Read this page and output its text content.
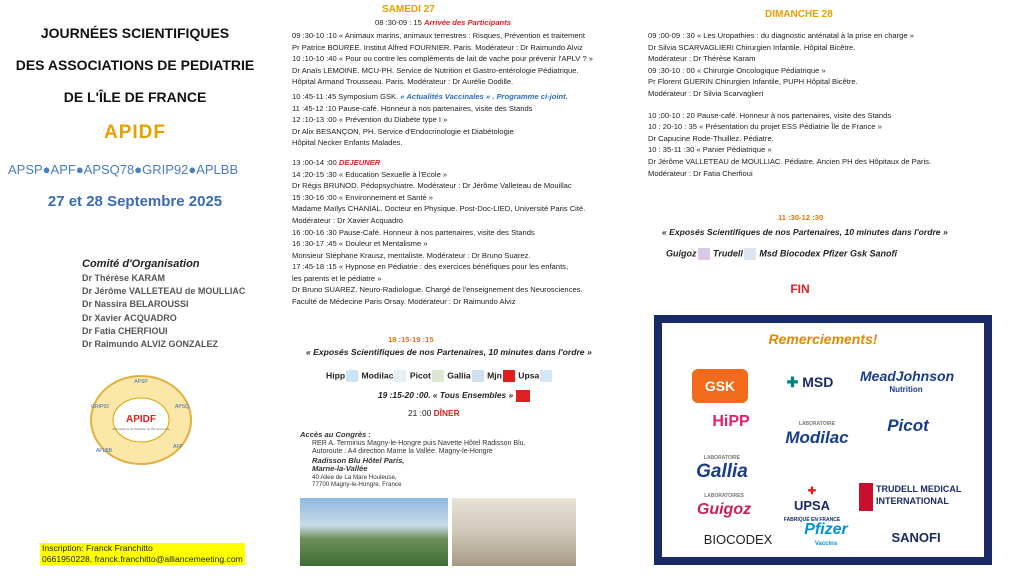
JOURNÉES SCIENTIFIQUES
DES ASSOCIATIONS DE PEDIATRIE
DE L'ÎLE DE FRANCE
APIDF
APSP●APF●APSQ78●GRIP92●APLBB
27 et 28 Septembre 2025
Comité d'Organisation
Dr Thérèse KARAM
Dr Jérôme VALLETEAU de MOULLIAC
Dr Nassira BELAROUSSI
Dr Xavier ACQUADRO
Dr Fatia CHERFIOUI
Dr Raimundo ALVIZ GONZALEZ
APIDF
Associations de Pédiatrie de l'Île de France
APSP
APSQ
AFP
APLBB
GRIP92
Inscription: Franck Franchitto
0661950228, franck.franchitto@alliancemeeting.com
SAMEDI 27
08 :30-09 : 15 Arrivée des Participants
09 :30-10 :10 « Animaux marins, animaux terrestres : Risques, Prévention et traitement
Pr Patrice BOUREE. Institut Alfred FOURNIER. Paris. Modérateur : Dr Raimundo Alviz
10 :10-10 :40 « Pour ou contre les compléments de lait de vache pour prévenir l'APLV ? »
Dr Anaïs LEMOINE. MCU-PH. Service de Nutrition et Gastro-entérologie Pédiatrique.
Hôpital Armand Trousseau. Paris. Modérateur : Dr Aurélie Dodille.
10 :45-11 :45 Symposium GSK. « Actualités Vaccinales » . Programme ci-joint.
11 :45-12 :10 Pause-café. Honneur à nos partenaires, visite des Stands
12 :10-13 :00 « Prévention du Diabète type I »
Dr Alix BESANÇON, PH. Service d'Endocrinologie et Diabétologie
Hôpital Necker Enfants Malades.
13 :00-14 :00 DEJEUNER
14 :20-15 :30 « Education Sexuelle à l'Ecole »
Dr Régis BRUNOD. Pédopsychiatre. Modérateur : Dr Jérôme Valleteau de Mouillac
15 :30-16 :00 « Environnement et Santé »
Madame Maïlys CHANIAL. Docteur en Physique. Post-Doc-LIED, Université Paris Cité.
Modérateur : Dr Xavier Acquadro
16 :00-16 :30 Pause-Café. Honneur à nos partenaires, visite des Stands
16 :30-17 :45 « Douleur et Mentalisme »
Monsieur Stéphane Krausz, mentaliste. Modérateur : Dr Bruno Suarez.
17 :45-18 :15 « Hypnose en Pédiatrie : des exercices bénéfiques pour les enfants,
les parents et le pédiatre »
Dr Bruno SUAREZ. Neuro-Radiologue. Chargé de l'enseignement des Neurosciences.
Faculté de Médecine Paris Orsay. Modérateur : Dr Raimundo Alviz
18 :15-19 :15
« Exposés Scientifiques de nos Partenaires, 10 minutes dans l'ordre »
Hipp Modilac Picot Gallia Mjn Upsa
19 :15-20 :00. « Tous Ensembles »
21 :00 DÎNER
Accès au Congrès :
RER A. Terminus Magny-le-Hongre puis Navette Hôtel Radisson Blu.
Autoroute : A4 direction Marne la Vallée. Magny-le-Hongre
Radisson Blu Hôtel Paris,
Marne-la-Vallée
40 Allee de La Mare Houleuse,
77700 Magny-le-Hongre, France
DIMANCHE 28
09 :00-09 : 30 « Les Uropathies : du diagnostic anténatal à la prise en charge »
Dr Silvia SCARVAGLIERI Chirurgien Infantile. Hôpital Bicêtre.
Modérateur : Dr Thérèse Karam
09 :30-10 : 00 « Chirurgie Oncologique Pédiatrique »
Pr Florent GUERIN Chirurgien Infantile, PUPH Hôpital Bicêtre.
Modérateur : Dr Silvia Scarvaglieri
10 :00-10 : 20 Pause-café. Honneur à nos partenaires, visite des Stands
10 : 20-10 : 35 « Présentation du projet ESS Pédiatrie Île de France »
Dr Capucine Rode-Thuillez. Pédiatre.
10 : 35-11 :30 « Panier Pédiatrique »
Dr Jérôme VALLETEAU de MOULLIAC. Pédiatre. Ancien PH des Hôpitaux de Paris.
Modérateur : Dr Fatia Cherfioui
11 :30-12 :30
« Exposés Scientifiques de nos Partenaires, 10 minutes dans l'ordre »
Guigoz Trudell Msd Biocodex Pfizer Gsk Sanofi
FIN
Remerciements!
GSK	✚ MSD	MeadJohnson
Nutrition
HiPP	LABORATOIRE
Modilac
Picot
LABORATOIRE
Gallia
LABORATOIRES
Guigoz
✚
UPSA
FABRIQUÉ EN FRANCE
TRUDELL MEDICAL
INTERNATIONAL
BIOCODEX
Pfizer
Vaccins	SANOFI
